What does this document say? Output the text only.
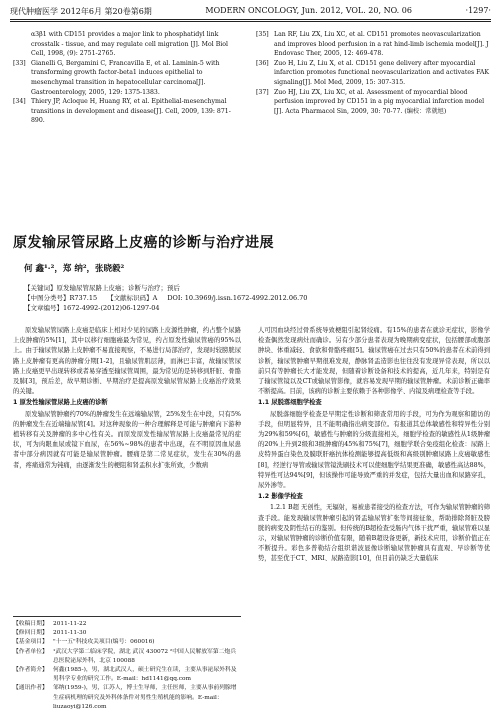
现代肿瘤医学 2012年6月 第20卷第6期	MODERN ONCOLOGY, Jun. 2012, VOL. 20, NO. 06	·1297·
α3β1 with CD151 provides a major link to phosphatidyl link crosstalk - tissue, and may regulate cell migration [J]. Mol Biol Cell, 1998, (9): 2751-2765.
[33] Gianelli G, Bergamini C, Francavilla E, et al. Laminin-5 with transforming growth factor-beta1 induces epithelial to mesenchymal transition in hepatocellular carcinoma[J]. Gastroenterology, 2005, 129: 1375-1383.
[34] Thiery JP, Acloque H, Huang RY, et al. Epithelial-mesenchymal transitions in development and disease[J]. Cell, 2009, 139: 871-890.
[35] Lan RF, Liu ZX, Liu XC, et al. CD151 promotes neovascularization and improves blood perfusion in a rat hind-limb ischemia model[J]. J Endovasc Ther, 2005, 12: 469-478.
[36] Zuo H, Liu Z, Liu X, et al. CD151 gene delivery after myocardial infarction promotes functional neovascularization and activates FAK signaling[J]. Mol Med, 2009, 15: 307-315.
[37] Zuo HJ, Liu ZX, Liu XC, et al. Assessment of myocardial blood perfusion improved by CD151 in a pig myocardial infarction model [J]. Acta Pharmacol Sin, 2009, 30: 70-77. (编校：常就旭)
原发输尿管尿路上皮癌的诊断与治疗进展
何 鑫¹·²，郑 纳²，张晓毅²
【关键词】原发输尿管尿路上皮癌；诊断与治疗；预后
【中图分类号】R737.15 【文献标识码】A DOI: 10.3969/j.issn.1672-4992.2012.06.70
【文章编号】1672-4992-(2012)06-1297-04

原发输尿管尿路上皮癌是临床上相对少见的尿路上皮源性肿瘤，约占整个尿路上皮肿瘤的5%[1]，其中以移行细胞癌最为常见，约占原发性输尿管癌的95%以上。由于输尿管尿路上皮肿瘤不易直接观察，不易进行局部治疗，发现时较膀胱尿路上皮肿瘤有更高的肿瘤分期[1-2]，且输尿管肌层薄，而淋巴丰富，故输尿管尿路上皮癌更早出现转移或者易穿透至输尿管周围，最为常见的是转移到肝脏、骨骼及肺[3]，预后差，故早期诊断、早期治疗是提高原发输尿管尿路上皮癌治疗效果的关键。

1 原发性输尿管尿路上皮癌的诊断

原发输尿管肿瘤约70%的肿瘤发生在远端输尿管，25%发生在中段，只有5%的肿瘤发生在近端输尿管[4]。对这种现象的一种合理解释是可能与肿瘤向下游种植转移有关及肿瘤的多中心性有关。而原发原发性输尿管尿路上皮癌最常见的症状，可为肉眼血尿或镜下血尿，在56%~98%的患者中出现，在不明原因血尿患者中部分病因就有可能是输尿管肿瘤。腰痛是第二常见症状，发生在30%的患者，疼痛通常为钝痛，由逐渐发生的梗阻和肾盂积水扩张所致，少数病

人可因血块经过骨系统导致梗阻引起肾绞痛。有15%的患者在就诊无症状，影像学检查偶然发现病灶而确诊。另有少部分患者表现为晚期病变症状，包括腰部或腹部肿块、体重减轻、食欲和骨骼疼痛[5]。输尿管癌在过去只有50%的患者在术前得到诊断，输尿管肿瘤早期很难发现，静脉肾盂造影也往往没有发现异常表现，所以以前只有等肿瘤长大才能发现，但随着诊断设备和技术的提高，近几年来，特别是有了输尿管镜以及CT或输尿管影像，就容易发现早期的输尿管肿瘤。术前诊断正确率不断提高。目前，该病的诊断主要依赖于各种影像学、内镜及病理检查等手段。

1.1 尿脱落细胞学检查

尿脱落细胞学检查是早期定性诊断和筛查常用的手段，可为作为观察和随访的手段，但明显特异，且不能明确指出病变部位。有报道其总体敏感性和特异性分别为29%和59%[6]，敏感性与肿瘤的分级直接相关，细胞学检查的敏感性从1级肿瘤的20%上升到2级和3级肿瘤的45%和75%[7]，细胞学联合免疫组化检查：尿路上皮特异蛋白染色及膜联肝癌抗体检测能够提高低级和高级别肿瘤尿路上皮癌敏感性[8]，经逆行导管或输尿管镜洗刷技术可以使细胞学结果更准确，敏感性高达88%，特异性可达94%[9]，但该操作可能导致严重的并发症，包括大量出血和尿路穿孔，尿外渗等。

1.2 影像学检查

1.2.1 B超 无创性，无辐射，易被患者接受的检查方法，可作为输尿管肿瘤的筛查手段。能发现输尿管肿瘤引起的肾盂输尿管扩张等间接征象，帮助排除肾脏及膀胱的病变及阴性结石的鉴别。但传统的B超检查受肠内气体干扰严重，输尿管难以显示，对输尿管肿瘤的诊断价值有限，随着B超设备更新，新技术应用，诊断价值正在不断提升。彩色多普勒结合组织谐波显像诊断输尿管肿瘤具有直观、早诊断等优势，甚至优于CT、MRI、尿路造影[10]，但目前仍缺乏大量临床

【收稿日期】 2011-11-22
【修回日期】 2011-11-30
【基金项目】 "十一五"科技攻关项目(编号：060016)
【作者单位】 ¹武汉大学第二临床学院，湖北 武汉 430072 ²中国人民解放军第二炮兵总医院泌尿外科，北京 100088
【作者简介】 何鑫(1985-)，男，湖北武汉人，硕士研究生在读，主要从事泌尿外科及男科学专业的研究工作。E-mail：hd1141@qq.com
【通讯作者】 邹纳(1959-)，男，江苏人，博士生导师，主任医师，主要从事前列腺增生症病机理的研究及外科体条件对男性生殖机能的影响。E-mail：liuzaoyi@126.com
